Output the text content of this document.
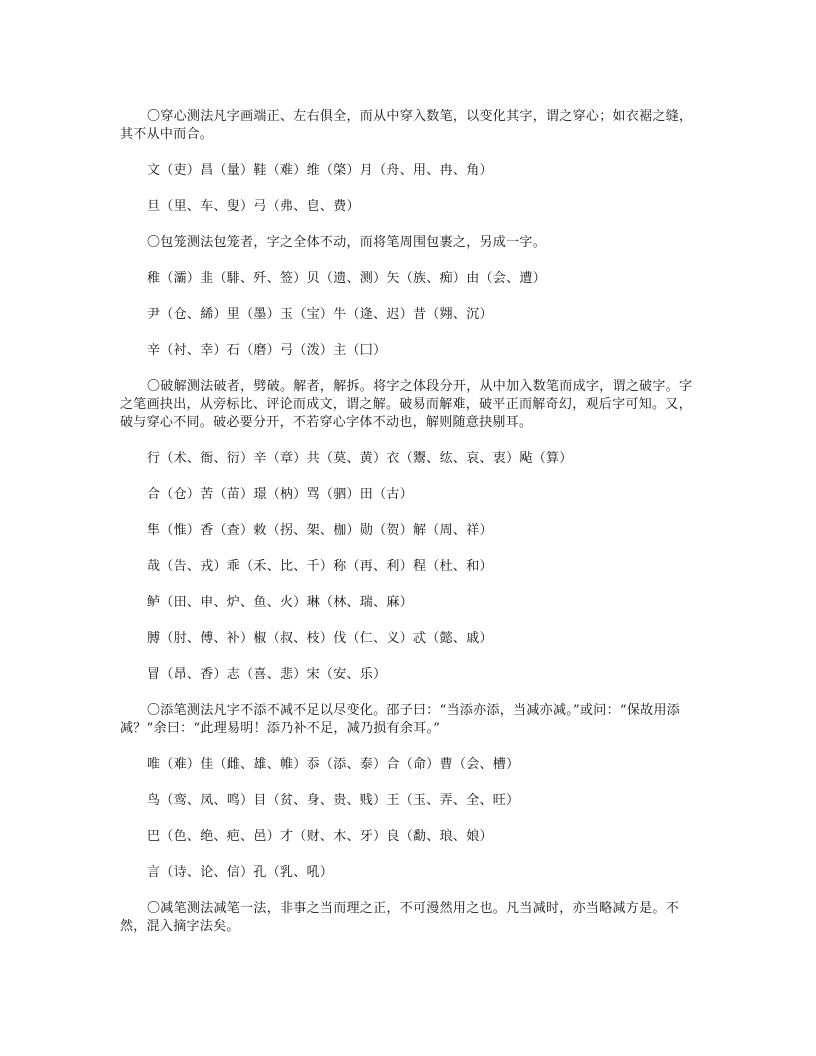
〇穿心测法凡字画端正、左右俱全，而从中穿入数笔，以变化其字，谓之穿心；如衣裾之缝，其不从中而合。

文（吏）昌（量）鞋（难）维（棨）月（舟、用、冉、角）

旦（里、车、叟）弓（弗、皀、费）

〇包笼测法包笼者，字之全体不动，而将笔周围包裹之，另成一字。

稚（灞）韭（騑、歼、签）贝（遗、测）矢（族、痴）由（会、遭）

尹（仓、絺）里（墨）玉（宝）牛（逄、迟）昔（翙、沉）

辛（衬、幸）石（磨）弓（泼）主（囗）

〇破解测法破者，劈破。解者，解拆。将字之体段分开，从中加入数笔而成字，谓之破字。字之笔画抉出，从旁标比、评论而成文，谓之解。破易而解难，破平正而解奇幻，观后字可知。又，破与穿心不同。破必要分开，不若穿心字体不动也，解则随意抉剔耳。

行（术、衙、衍）辛（章）共（莫、黄）衣（鬻、纮、哀、衷）飐（算）

合（仓）苦（苗）璟（枘）骂（驷）田（古）

隼（惟）香（查）敕（拐、架、枷）勋（贺）解（周、祥）

哉（告、戎）乖（禾、比、千）称（再、利）程（杜、和）

鲈（田、申、炉、鱼、火）琳（林、瑞、麻）

膊（肘、傅、补）椒（叔、枝）伐（仁、义）忒（懿、戚）

冒（昂、香）志（喜、悲）宋（安、乐）

〇添笔测法凡字不添不减不足以尽变化。邵子曰：“当添亦添，当减亦减。”或问：“保故用添减？”余曰：“此理易明！添乃补不足，减乃损有余耳。”

唯（难）佳（雌、雄、帷）忝（添、泰）合（命）曹（会、槽）

鸟（鸾、凤、鸣）目（贫、身、贵、贱）王（玉、弄、全、旺）

巴（色、绝、疤、邑）才（财、木、牙）良（勫、琅、娘）

言（诗、论、信）孔（乳、吼）

〇减笔测法减笔一法，非事之当而理之正，不可漫然用之也。凡当减时，亦当略减方是。不然，混入摘字法矣。
